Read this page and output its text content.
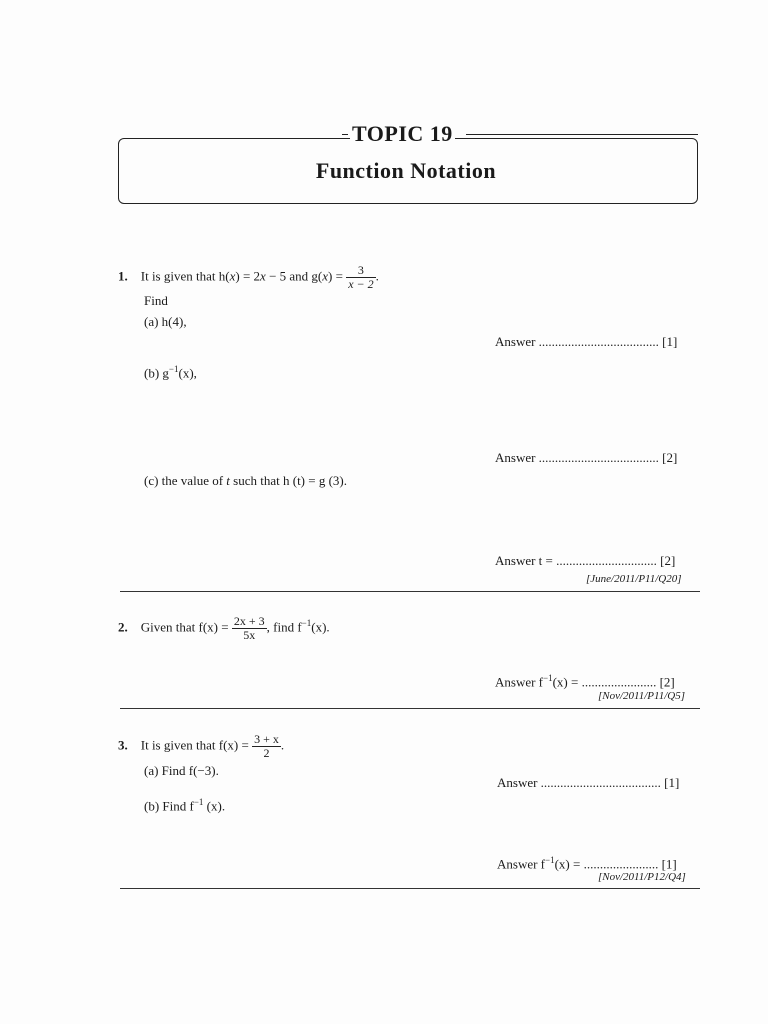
TOPIC 19
Function Notation
1. It is given that h(x) = 2x − 5 and $g(x) = \frac{3}{x - 2}$ .
Find
(a) h(4),
Answer ..................................... [1]
(b) $g^{-1}(x)$,
Answer ..................................... [2]
(c) the value of t such that h (t) = g (3).
Answer t = ............................... [2]
[June/2011/P11/Q20]
2. Given that $f(x) = \frac{2x + 3}{5x}$ , find $f^{-1}(x)$.
Answer $f^{-1}(x)$ = ....................... [2]
[Nov/2011/P11/Q5]
3. It is given that $f(x) = \frac{3 + x}{2}$ .
(a) Find f(−3).
Answer ..................................... [1]
(b) Find $f^{-1}$ (x).
Answer $f^{-1}(x)$ = ....................... [1]
[Nov/2011/P12/Q4]
